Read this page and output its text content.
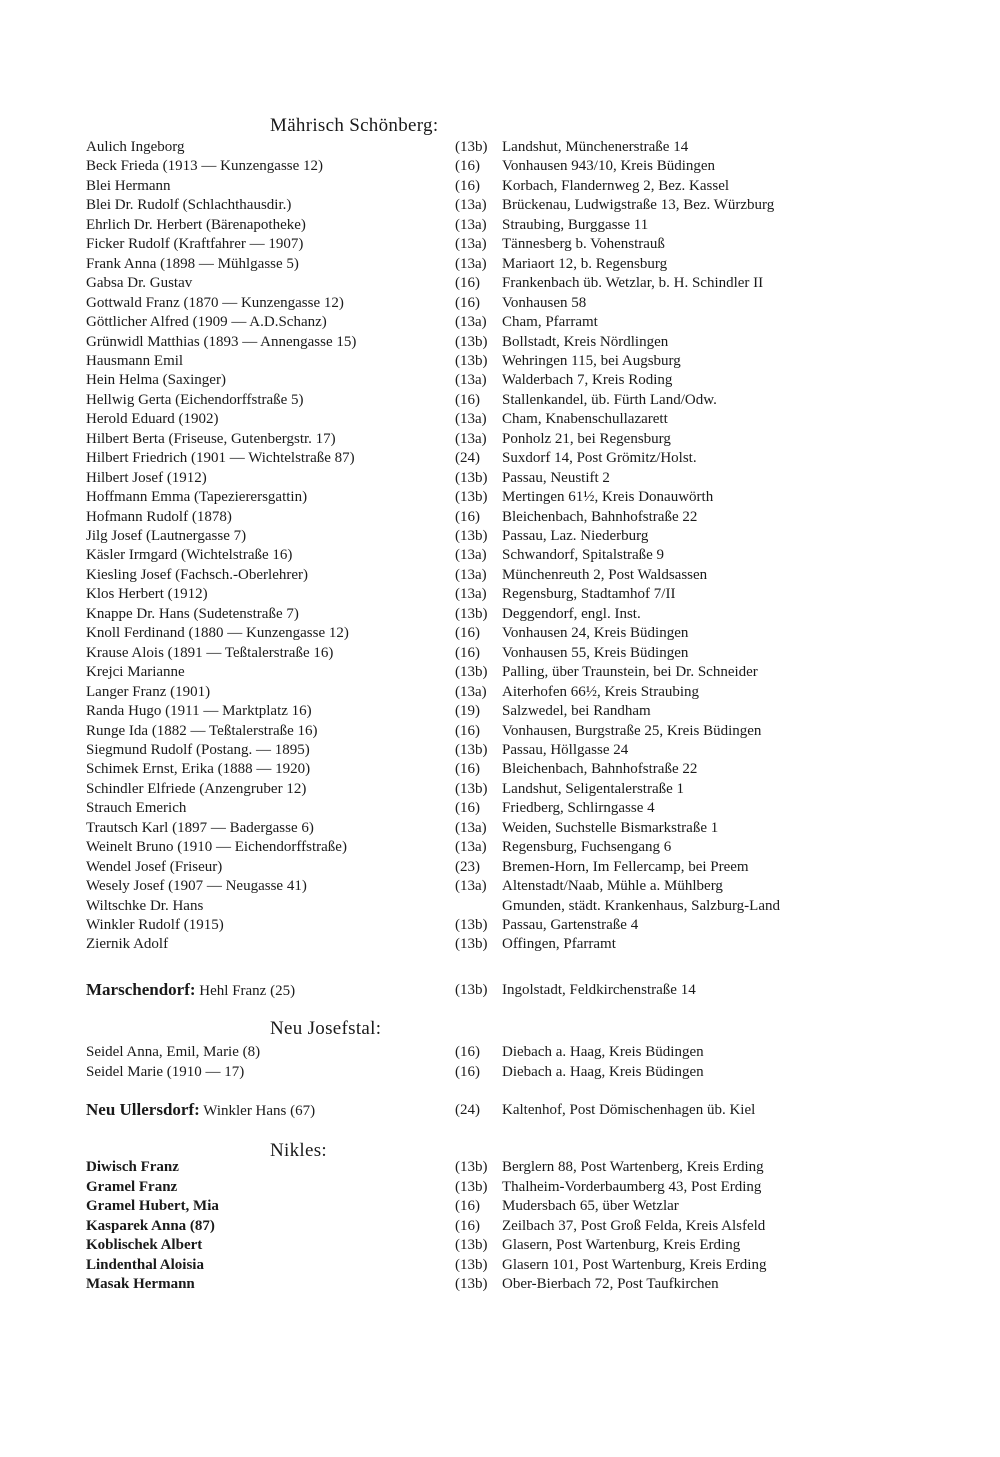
Mährisch Schönberg:
Aulich Ingeborg	(13b) Landshut, Münchenerstraße 14
Beck Frieda (1913 — Kunzengasse 12)	(16) Vonhausen 943/10, Kreis Büdingen
Blei Hermann	(16) Korbach, Flandernweg 2, Bez. Kassel
Blei Dr. Rudolf (Schlachthausdir.)	(13a) Brückenau, Ludwigstraße 13, Bez. Würzburg
Ehrlich Dr. Herbert (Bärenapotheke)	(13a) Straubing, Burggasse 11
Ficker Rudolf (Kraftfahrer — 1907)	(13a) Tännesberg b. Vohenstrauß
Frank Anna (1898 — Mühlgasse 5)	(13a) Mariaort 12, b. Regensburg
Gabsa Dr. Gustav	(16) Frankenbach üb. Wetzlar, b. H. Schindler II
Gottwald Franz (1870 — Kunzengasse 12)	(16) Vonhausen 58
Göttlicher Alfred (1909 — A.D.Schanz)	(13a) Cham, Pfarramt
Grünwidl Matthias (1893 — Annengasse 15)	(13b) Bollstadt, Kreis Nördlingen
Hausmann Emil	(13b) Wehringen 115, bei Augsburg
Hein Helma (Saxinger)	(13a) Walderbach 7, Kreis Roding
Hellwig Gerta (Eichendorffstraße 5)	(16) Stallenkandel, üb. Fürth Land/Odw.
Herold Eduard (1902)	(13a) Cham, Knabenschullazarett
Hilbert Berta (Friseuse, Gutenbergstr. 17)	(13a) Ponholz 21, bei Regensburg
Hilbert Friedrich (1901 — Wichtelstraße 87)	(24) Suxdorf 14, Post Grömitz/Holst.
Hilbert Josef (1912)	(13b) Passau, Neustift 2
Hoffmann Emma (Tapezierersgattin)	(13b) Mertingen 61½, Kreis Donauwörth
Hofmann Rudolf (1878)	(16) Bleichenbach, Bahnhofstraße 22
Jilg Josef (Lautnergasse 7)	(13b) Passau, Laz. Niederburg
Käsler Irmgard (Wichtelstraße 16)	(13a) Schwandorf, Spitalstraße 9
Kiesling Josef (Fachsch.-Oberlehrer)	(13a) Münchenreuth 2, Post Waldsassen
Klos Herbert (1912)	(13a) Regensburg, Stadtamhof 7/II
Knappe Dr. Hans (Sudetenstraße 7)	(13b) Deggendorf, engl. Inst.
Knoll Ferdinand (1880 — Kunzengasse 12)	(16) Vonhausen 24, Kreis Büdingen
Krause Alois (1891 — Teßtalerstraße 16)	(16) Vonhausen 55, Kreis Büdingen
Krejci Marianne	(13b) Palling, über Traunstein, bei Dr. Schneider
Langer Franz (1901)	(13a) Aiterhofen 66½, Kreis Straubing
Randa Hugo (1911 — Marktplatz 16)	(19) Salzwedel, bei Randham
Runge Ida (1882 — Teßtalerstraße 16)	(16) Vonhausen, Burgstraße 25, Kreis Büdingen
Siegmund Rudolf (Postang. — 1895)	(13b) Passau, Höllgasse 24
Schimek Ernst, Erika (1888 — 1920)	(16) Bleichenbach, Bahnhofstraße 22
Schindler Elfriede (Anzengruber 12)	(13b) Landshut, Seligentalerstraße 1
Strauch Emerich	(16) Friedberg, Schlirngasse 4
Trautsch Karl (1897 — Badergasse 6)	(13a) Weiden, Suchstelle Bismarkstraße 1
Weinelt Bruno (1910 — Eichendorffstraße)	(13a) Regensburg, Fuchsengang 6
Wendel Josef (Friseur)	(23) Bremen-Horn, Im Fellercamp, bei Preem
Wesely Josef (1907 — Neugasse 41)	(13a) Altenstadt/Naab, Mühle a. Mühlberg
Wiltschke Dr. Hans	Gmunden, städt. Krankenhaus, Salzburg-Land
Winkler Rudolf (1915)	(13b) Passau, Gartenstraße 4
Ziernik Adolf	(13b) Offingen, Pfarramt
Marschendorf: Hehl Franz (25)	(13b) Ingolstadt, Feldkirchenstraße 14
Neu Josefstal:
Seidel Anna, Emil, Marie (8)	(16) Diebach a. Haag, Kreis Büdingen
Seidel Marie (1910 — 17)	(16) Diebach a. Haag, Kreis Büdingen
Neu Ullersdorf: Winkler Hans (67)	(24) Kaltenhof, Post Dömischenhagen üb. Kiel
Nikles:
Diwisch Franz	(13b) Berglern 88, Post Wartenberg, Kreis Erding
Gramel Franz	(13b) Thalheim-Vorderbaumberg 43, Post Erding
Gramel Hubert, Mia	(16) Mudersbach 65, über Wetzlar
Kasparek Anna (87)	(16) Zeilbach 37, Post Groß Felda, Kreis Alsfeld
Koblischek Albert	(13b) Glasern, Post Wartenburg, Kreis Erding
Lindenthal Aloisia	(13b) Glasern 101, Post Wartenburg, Kreis Erding
Masak Hermann	(13b) Ober-Bierbach 72, Post Taufkirchen
